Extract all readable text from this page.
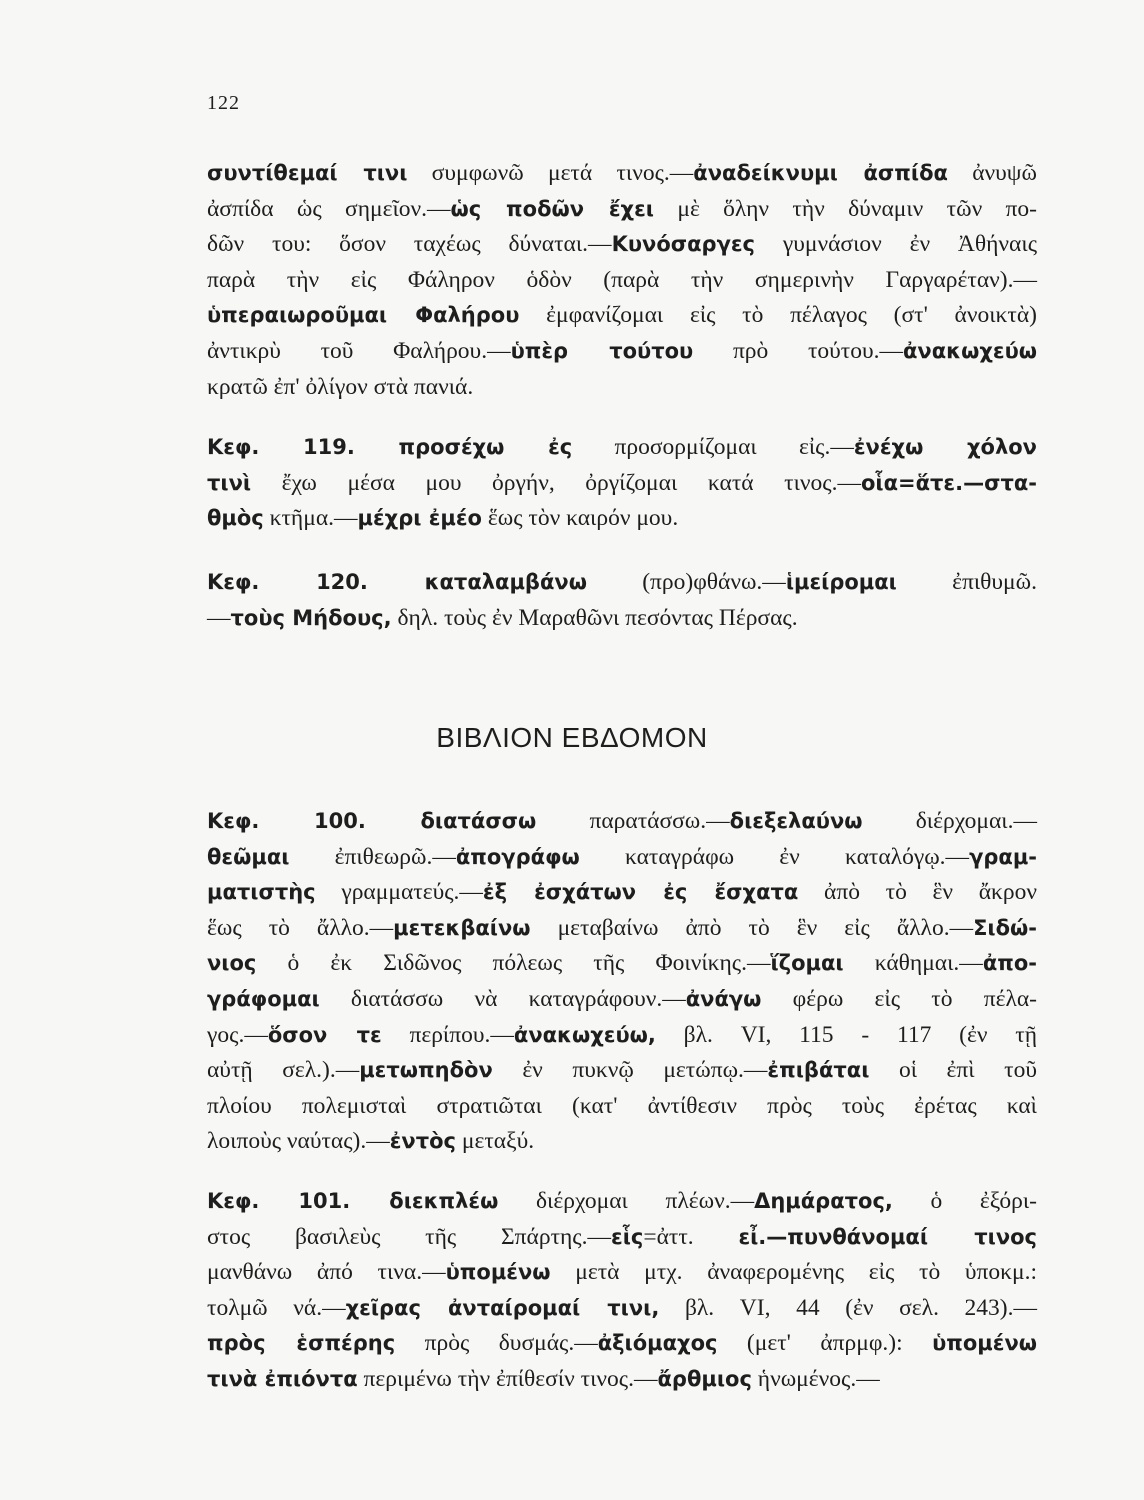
122

συντίθεμαί τινι συμφωνῶ μετά τινος.—ἀναδείκνυμι ἀσπίδα ἀνυψῶ

ἀσπίδα ὡς σημεῖον.—ὡς ποδῶν ἔχει μὲ ὅλην τὴν δύναμιν τῶν πο-

δῶν του: ὅσον ταχέως δύναται.—Κυνόσαργες γυμνάσιον ἐν Ἀθήναις

παρὰ τὴν εἰς Φάληρον ὁδὸν (παρὰ τὴν σημερινὴν Γαργαρέταν).—

ὑπεραιωροῦμαι Φαλήρου ἐμφανίζομαι εἰς τὸ πέλαγος (στ' ἀνοικτὰ)

ἀντικρὺ τοῦ Φαλήρου.—ὑπὲρ τούτου πρὸ τούτου.—ἀνακωχεύω

κρατῶ ἐπ' ὀλίγον στὰ πανιά.

Κεφ. 119. προσέχω ἐς προσορμίζομαι εἰς.—ἐνέχω χόλον

τινὶ ἔχω μέσα μου ὀργήν, ὀργίζομαι κατά τινος.—οἷα=ἅτε.—στα-

θμὸς κτῆμα.—μέχρι ἐμέο ἕως τὸν καιρόν μου.

Κεφ. 120. καταλαμβάνω (προ)φθάνω.—ἱμείρομαι ἐπιθυμῶ.

—τοὺς Μήδους, δηλ. τοὺς ἐν Μαραθῶνι πεσόντας Πέρσας.

ΒΙΒΛΙΟΝ ΕΒΔΟΜΟΝ

Κεφ. 100. διατάσσω παρατάσσω.—διεξελαύνω διέρχομαι.—

θεῶμαι ἐπιθεωρῶ.—ἀπογράφω καταγράφω ἐν καταλόγῳ.—γραμ-

ματιστὴς γραμματεύς.—ἐξ ἐσχάτων ἐς ἔσχατα ἀπὸ τὸ ἓν ἄκρον

ἕως τὸ ἄλλο.—μετεκβαίνω μεταβαίνω ἀπὸ τὸ ἓν εἰς ἄλλο.—Σιδώ-

νιος ὁ ἐκ Σιδῶνος πόλεως τῆς Φοινίκης.—ἵζομαι κάθημαι.—ἀπο-

γράφομαι διατάσσω νὰ καταγράφουν.—ἀνάγω φέρω εἰς τὸ πέλα-

γος.—ὅσον τε περίπου.—ἀνακωχεύω, βλ. VI, 115 - 117 (ἐν τῇ

αὐτῇ σελ.).—μετωπηδὸν ἐν πυκνῷ μετώπῳ.—ἐπιβάται οἱ ἐπὶ τοῦ

πλοίου πολεμισταὶ στρατιῶται (κατ' ἀντίθεσιν πρὸς τοὺς ἐρέτας καὶ

λοιποὺς ναύτας).—ἐντὸς μεταξύ.

Κεφ. 101. διεκπλέω διέρχομαι πλέων.—Δημάρατος, ὁ ἐξόρι-

στος βασιλεὺς τῆς Σπάρτης.—εἷς=ἀττ. εἶ.—πυνθάνομαί τινος

μανθάνω ἀπό τινα.—ὑπομένω μετὰ μτχ. ἀναφερομένης εἰς τὸ ὑποκμ.:

τολμῶ νά.—χεῖρας ἀνταίρομαί τινι, βλ. VI, 44 (ἐν σελ. 243).—

πρὸς ἑσπέρης πρὸς δυσμάς.—ἀξιόμαχος (μετ' ἀπρμφ.): ὑπομένω

τινὰ ἐπιόντα περιμένω τὴν ἐπίθεσίν τινος.—ἄρθμιος ἡνωμένος.—
